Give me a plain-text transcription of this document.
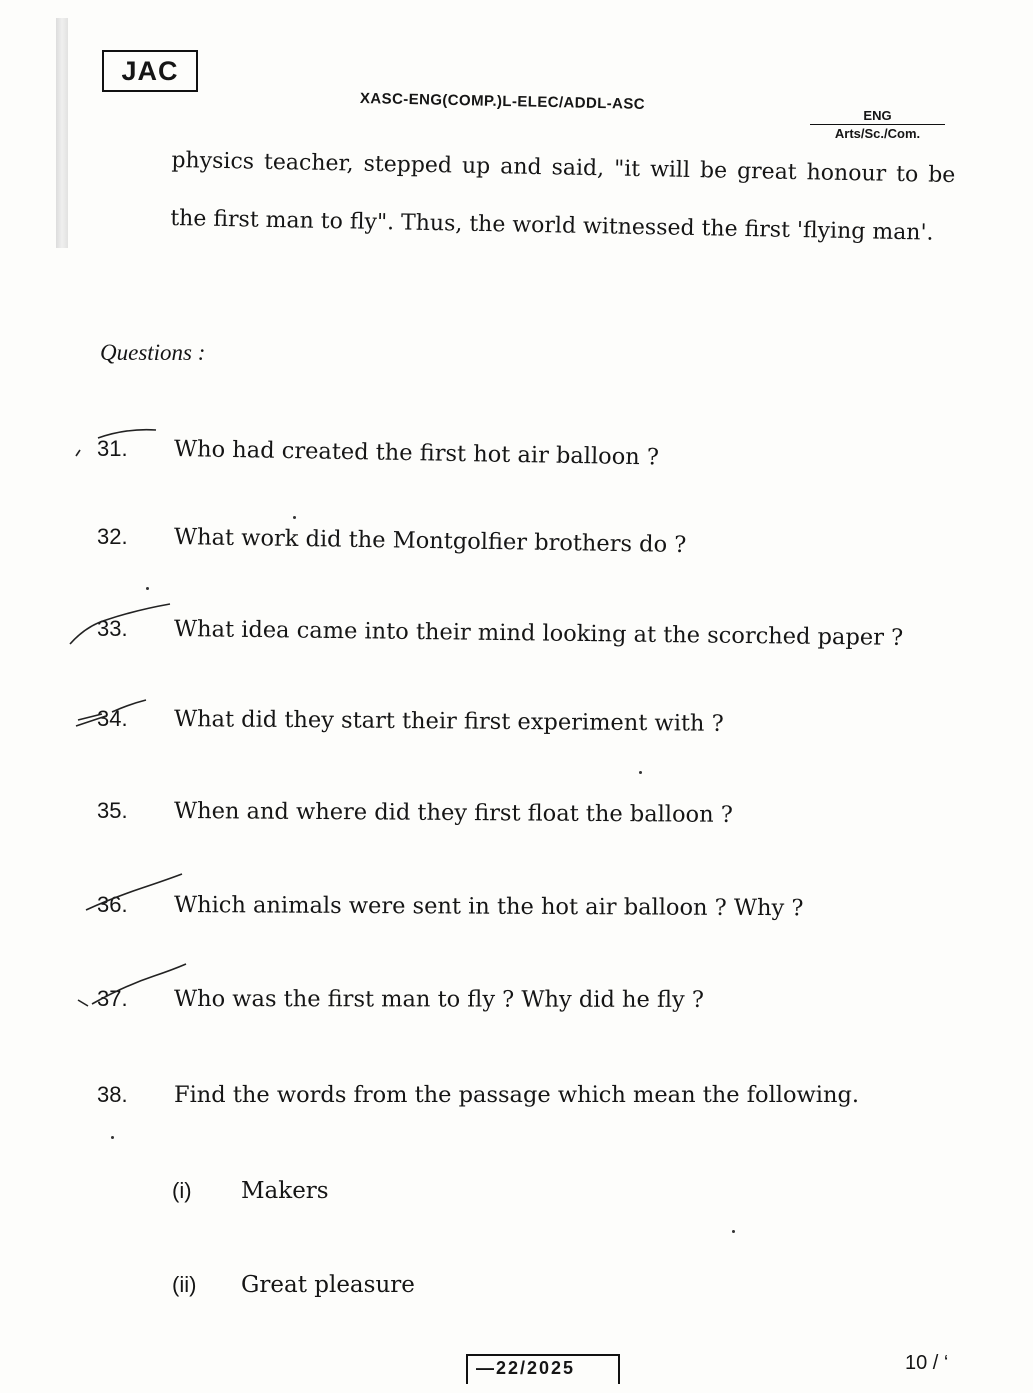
JAC
XASC-ENG(COMP.)L-ELEC/ADDL-ASC
ENG
Arts/Sc./Com.
physics teacher, stepped up and said, "it will be great honour to be the first man to fly". Thus, the world witnessed the first 'flying man'.
Questions :
31. Who had created the first hot air balloon ?
32. What work did the Montgolfier brothers do ?
33. What idea came into their mind looking at the scorched paper ?
34. What did they start their first experiment with ?
35. When and where did they first float the balloon ?
36. Which animals were sent in the hot air balloon ? Why ?
37. Who was the first man to fly ? Why did he fly ?
38. Find the words from the passage which mean the following.
(i) Makers
(ii) Great pleasure
—22/2025	10 / ‘
